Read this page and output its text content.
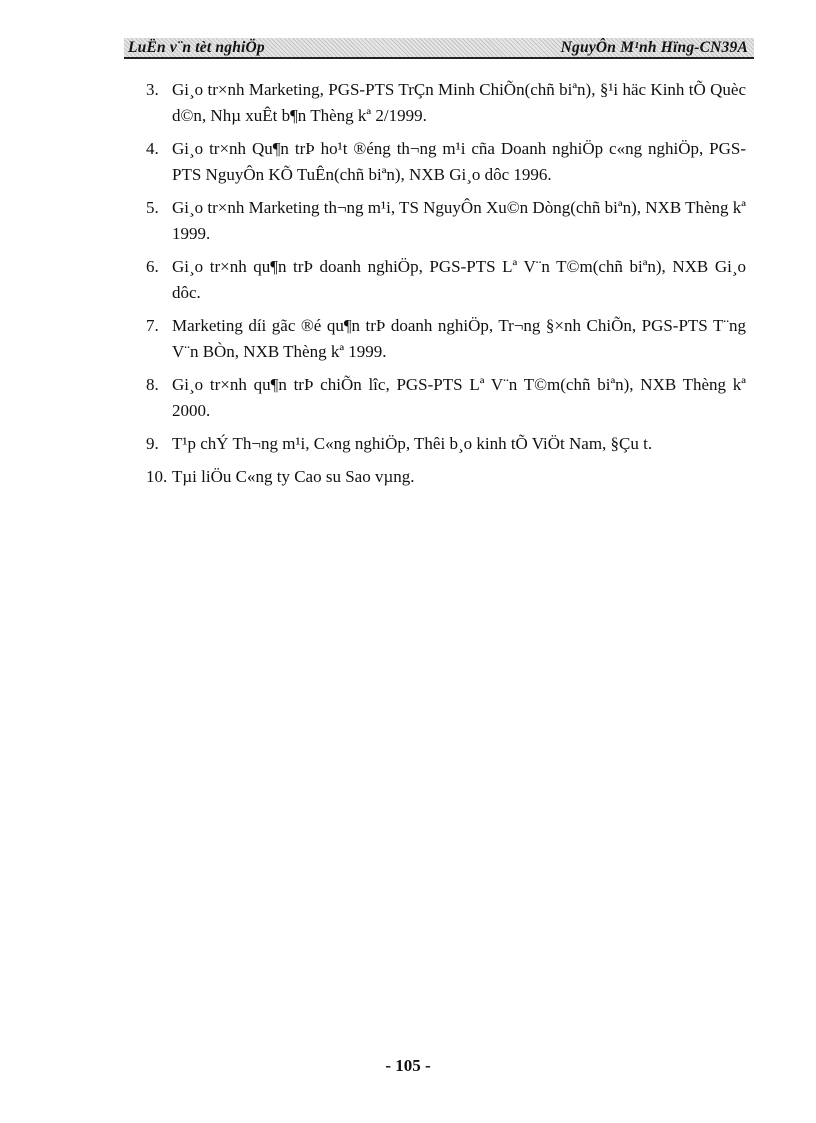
LuËn v¨n tèt nghiÖp	NguyÔn M¹nh Hïng-CN39A
3. Gi¸o tr×nh Marketing, PGS-PTS TrÇn Minh ChiÕn(chñ biªn), §¹i häc Kinh tÕ Quèc d©n, Nhµ xuÊt b¶n Thèng kª 2/1999.
4. Gi¸o tr×nh Qu¶n trÞ ho¹t ®éng th¬ng m¹i cña Doanh nghiÖp c«ng nghiÖp, PGS-PTS NguyÔn KÕ TuÊn(chñ biªn), NXB Gi¸o dôc 1996.
5. Gi¸o tr×nh Marketing th¬ng m¹i, TS NguyÔn Xu©n Dòng(chñ biªn), NXB Thèng kª 1999.
6. Gi¸o tr×nh qu¶n trÞ doanh nghiÖp, PGS-PTS Lª V¨n T©m(chñ biªn), NXB Gi¸o dôc.
7. Marketing díi gãc ®é qu¶n trÞ doanh nghiÖp, Tr¬ng §×nh ChiÕn, PGS-PTS T¨ng V¨n BÒn, NXB Thèng kª 1999.
8. Gi¸o tr×nh qu¶n trÞ chiÕn lîc, PGS-PTS Lª V¨n T©m(chñ biªn), NXB Thèng kª 2000.
9. T¹p chÝ Th¬ng m¹i, C«ng nghiÖp, Thêi b¸o kinh tÕ ViÖt Nam, §Çu t.
10. Tµi liÖu C«ng ty Cao su Sao vµng.
- 105 -
